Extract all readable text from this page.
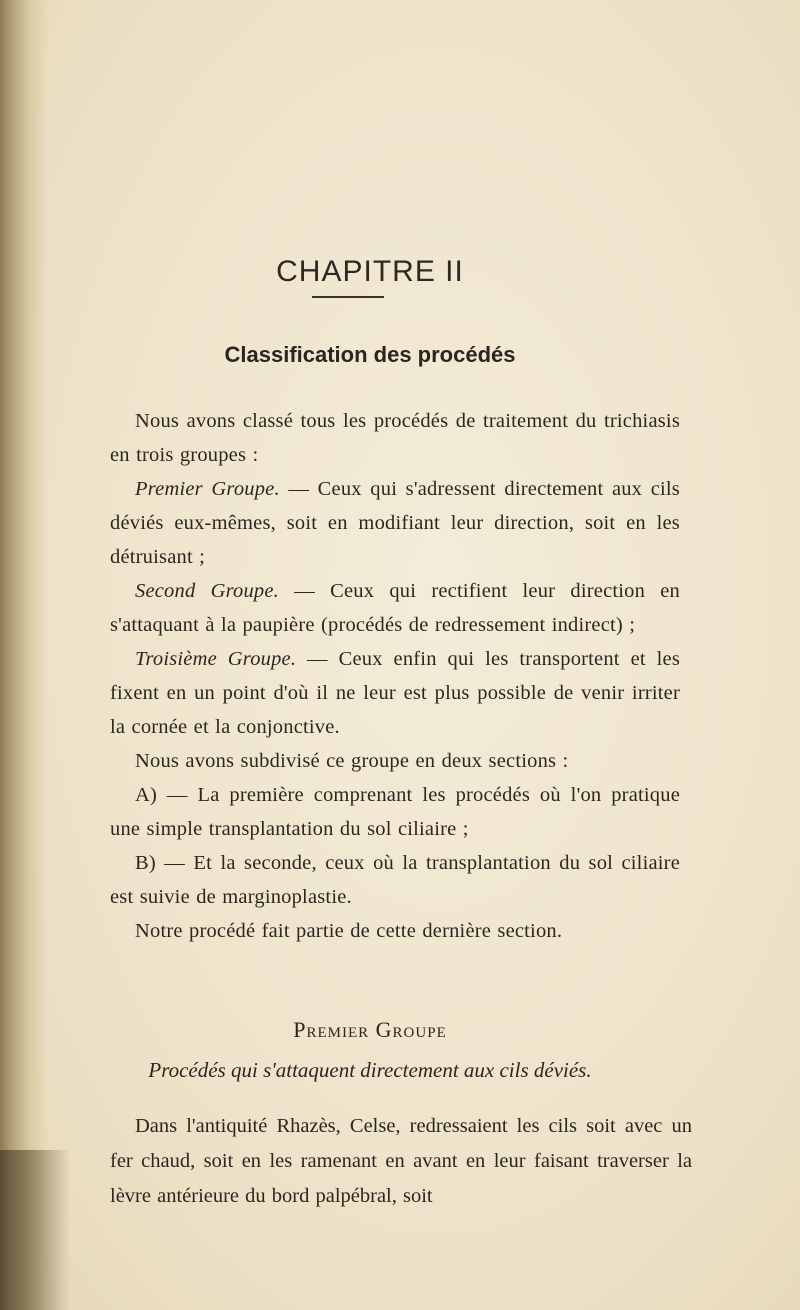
CHAPITRE II
Classification des procédés

Nous avons classé tous les procédés de traitement du trichiasis en trois groupes :

Premier Groupe. — Ceux qui s'adressent directement aux cils déviés eux-mêmes, soit en modifiant leur direction, soit en les détruisant ;

Second Groupe. — Ceux qui rectifient leur direction en s'attaquant à la paupière (procédés de redressement indirect) ;

Troisième Groupe. — Ceux enfin qui les transportent et les fixent en un point d'où il ne leur est plus possible de venir irriter la cornée et la conjonctive.

Nous avons subdivisé ce groupe en deux sections :

A) — La première comprenant les procédés où l'on pratique une simple transplantation du sol ciliaire ;

B) — Et la seconde, ceux où la transplantation du sol ciliaire est suivie de marginoplastie.

Notre procédé fait partie de cette dernière section.

Premier Groupe
Procédés qui s'attaquent directement aux cils déviés.

Dans l'antiquité Rhazès, Celse, redressaient les cils soit avec un fer chaud, soit en les ramenant en avant en leur faisant traverser la lèvre antérieure du bord palpébral, soit
